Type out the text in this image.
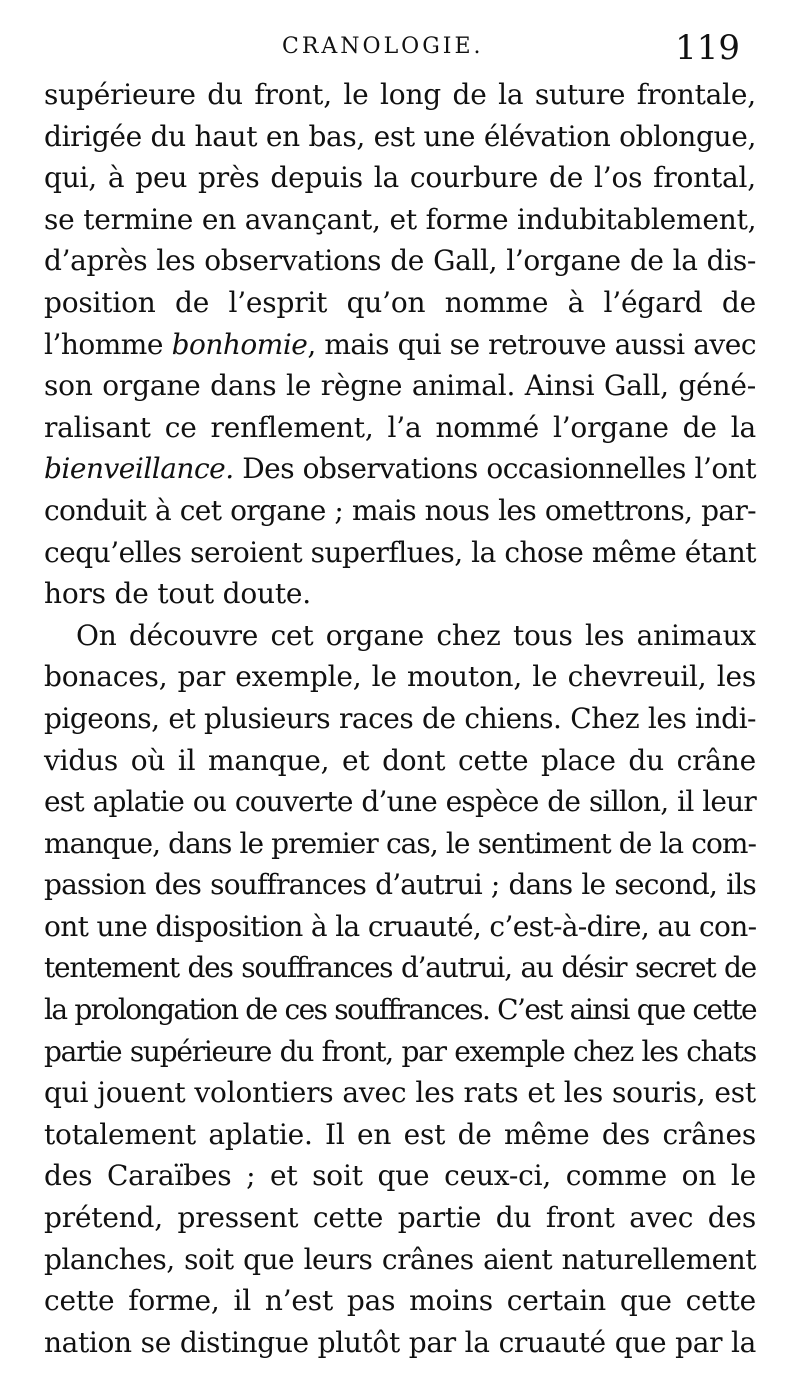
CRANOLOGIE.	119
supérieure du front, le long de la suture frontale,
dirigée du haut en bas, est une élévation oblongue,
qui, à peu près depuis la courbure de l’os frontal,
se termine en avançant, et forme indubitablement,
d’après les observations de Gall, l’organe de la dis-
position de l’esprit qu’on nomme à l’égard de
l’homme bonhomie, mais qui se retrouve aussi avec
son organe dans le règne animal. Ainsi Gall, géné-
ralisant ce renflement, l’a nommé l’organe de la
bienveillance. Des observations occasionnelles l’ont
conduit à cet organe ; mais nous les omettrons, par-
cequ’elles seroient superflues, la chose même étant
hors de tout doute.
On découvre cet organe chez tous les animaux
bonaces, par exemple, le mouton, le chevreuil, les
pigeons, et plusieurs races de chiens. Chez les indi-
vidus où il manque, et dont cette place du crâne
est aplatie ou couverte d’une espèce de sillon, il leur
manque, dans le premier cas, le sentiment de la com-
passion des souffrances d’autrui ; dans le second, ils
ont une disposition à la cruauté, c’est-à-dire, au con-
tentement des souffrances d’autrui, au désir secret de
la prolongation de ces souffrances. C’est ainsi que cette
partie supérieure du front, par exemple chez les chats
qui jouent volontiers avec les rats et les souris, est
totalement aplatie. Il en est de même des crânes
des Caraïbes ; et soit que ceux-ci, comme on le
prétend, pressent cette partie du front avec des
planches, soit que leurs crânes aient naturellement
cette forme, il n’est pas moins certain que cette
nation se distingue plutôt par la cruauté que par la
